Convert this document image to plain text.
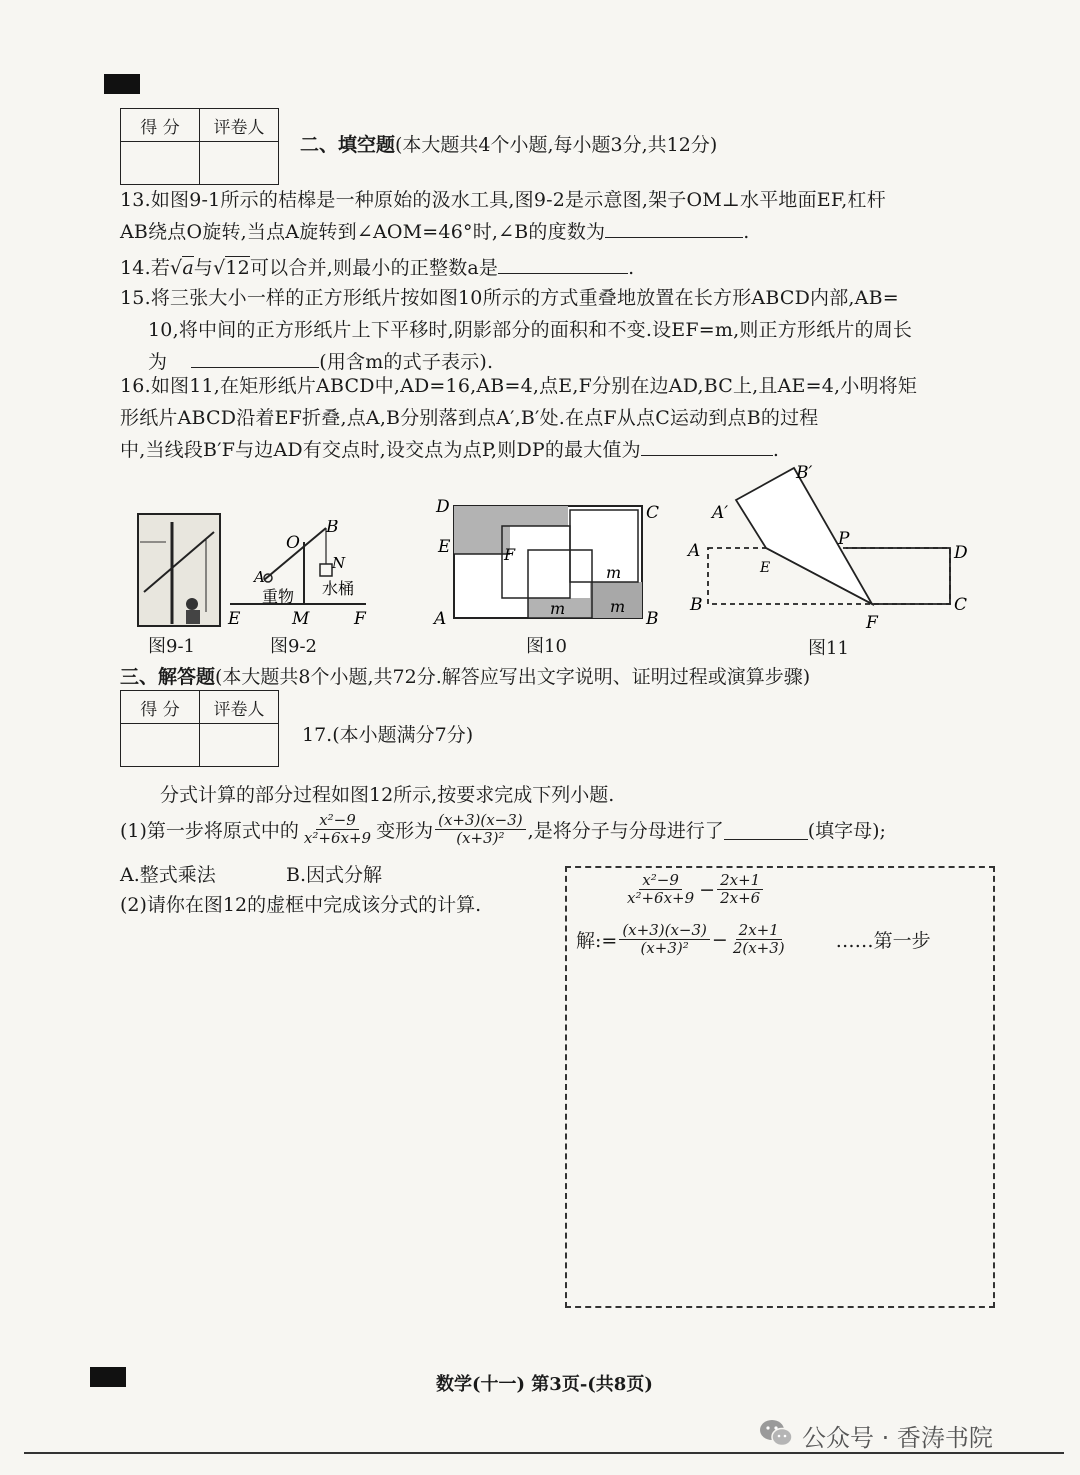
得 分	评卷人

二、填空题(本大题共4个小题,每小题3分,共12分)
13.如图9-1所示的桔槔是一种原始的汲水工具,图9-2是示意图,架子OM⊥水平地面EF,杠杆
AB绕点O旋转,当点A旋转到∠AOM=46°时,∠B的度数为	.
14.若√a与√12可以合并,则最小的正整数a是	.
15.将三张大小一样的正方形纸片按如图10所示的方式重叠地放置在长方形ABCD内部,AB=
10,将中间的正方形纸片上下平移时,阴影部分的面积和不变.设EF=m,则正方形纸片的周长
为	(用含m的式子表示).
16.如图11,在矩形纸片ABCD中,AD=16,AB=4,点E,F分别在边AD,BC上,且AE=4,小明将矩
形纸片ABCD沿着EF折叠,点A,B分别落到点A′,B′处.在点F从点C运动到点B的过程
中,当线段B′F与边AD有交点时,设交点为点P,则DP的最大值为	.
图9-1
O
B
N
A
重物 水桶
E	M	F
图9-2
D	C
E	F
A	B
m
m	m
图10
B′
A′
A
P
D
E
B	C
F
图11
三、解答题(本大题共8个小题,共72分.解答应写出文字说明、证明过程或演算步骤)
得 分	评卷人

17.(本小题满分7分)
分式计算的部分过程如图12所示,按要求完成下列小题.
(1)第一步将原式中的 $\frac{\text{x²−9}}{\text{x²+6x+9}}$ 变形为 $\frac{(x+3)(x-3)}{\text{(x+3)²}}$ ,是将分子与分母进行了	(填字母);
A.整式乘法	B.因式分解
(2)请你在图12的虚框中完成该分式的计算.	$\frac{\text{x²−9}}{\text{x²+6x+9}} - \frac{2x+1}{2x+6}$
解:= $\frac{(x+3)(x-3)}{\text{(x+3)²}} - \frac{2x+1}{2(x+3)}$	……第一步
数学(十一) 第3页-(共8页)
公众号 · 香涛书院
